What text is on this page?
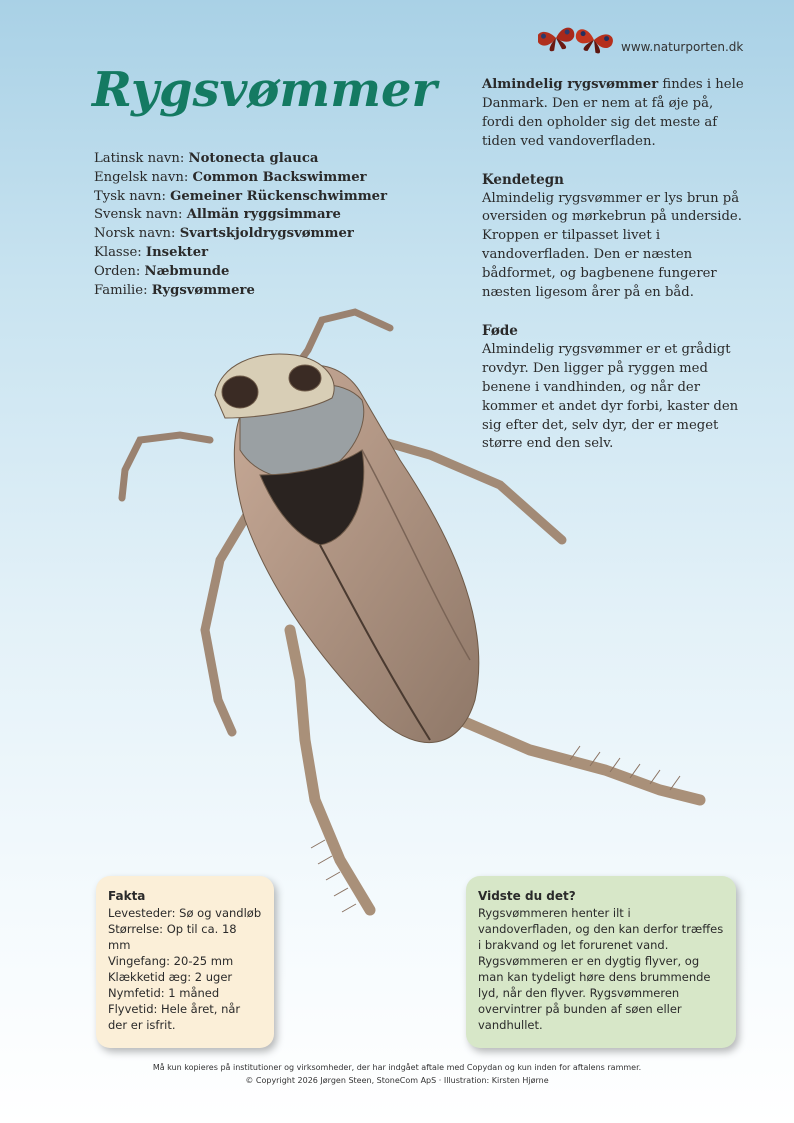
www.naturporten.dk
Rygsvømmer
Latinsk navn: Notonecta glauca
Engelsk navn: Common Backswimmer
Tysk navn: Gemeiner Rückenschwimmer
Svensk navn: Allmän ryggsimmare
Norsk navn: Svartskjoldrygsvømmer
Klasse: Insekter
Orden: Næbmunde
Familie: Rygsvømmere

Almindelig rygsvømmer findes i hele Danmark. Den er nem at få øje på, fordi den opholder sig det meste af tiden ved vandoverfladen.

Kendetegn

Almindelig rygsvømmer er lys brun på oversiden og mørkebrun på underside. Kroppen er tilpasset livet i vandoverfladen. Den er næsten bådformet, og bagbenene fungerer næsten ligesom årer på en båd.

Føde

Almindelig rygsvømmer er et grådigt rovdyr. Den ligger på ryggen med benene i vandhinden, og når der kommer et andet dyr forbi, kaster den sig efter det, selv dyr, der er meget større end den selv.

Fakta

Levesteder: Sø og vandløb

Størrelse: Op til ca. 18 mm

Vingefang: 20-25 mm

Klækketid æg: 2 uger

Nymfetid: 1 måned

Flyvetid: Hele året, når der er isfrit.

Vidste du det?

Rygsvømmeren henter ilt i vandoverfladen, og den kan derfor træffes i brakvand og let forurenet vand. Rygsvømmeren er en dygtig flyver, og man kan tydeligt høre dens brummende lyd, når den flyver. Rygsvømmeren overvintrer på bunden af søen eller vandhullet.

Må kun kopieres på institutioner og virksomheder, der har indgået aftale med Copydan og kun inden for aftalens rammer.
© Copyright 2026 Jørgen Steen, StoneCom ApS · Illustration: Kirsten Hjørne
